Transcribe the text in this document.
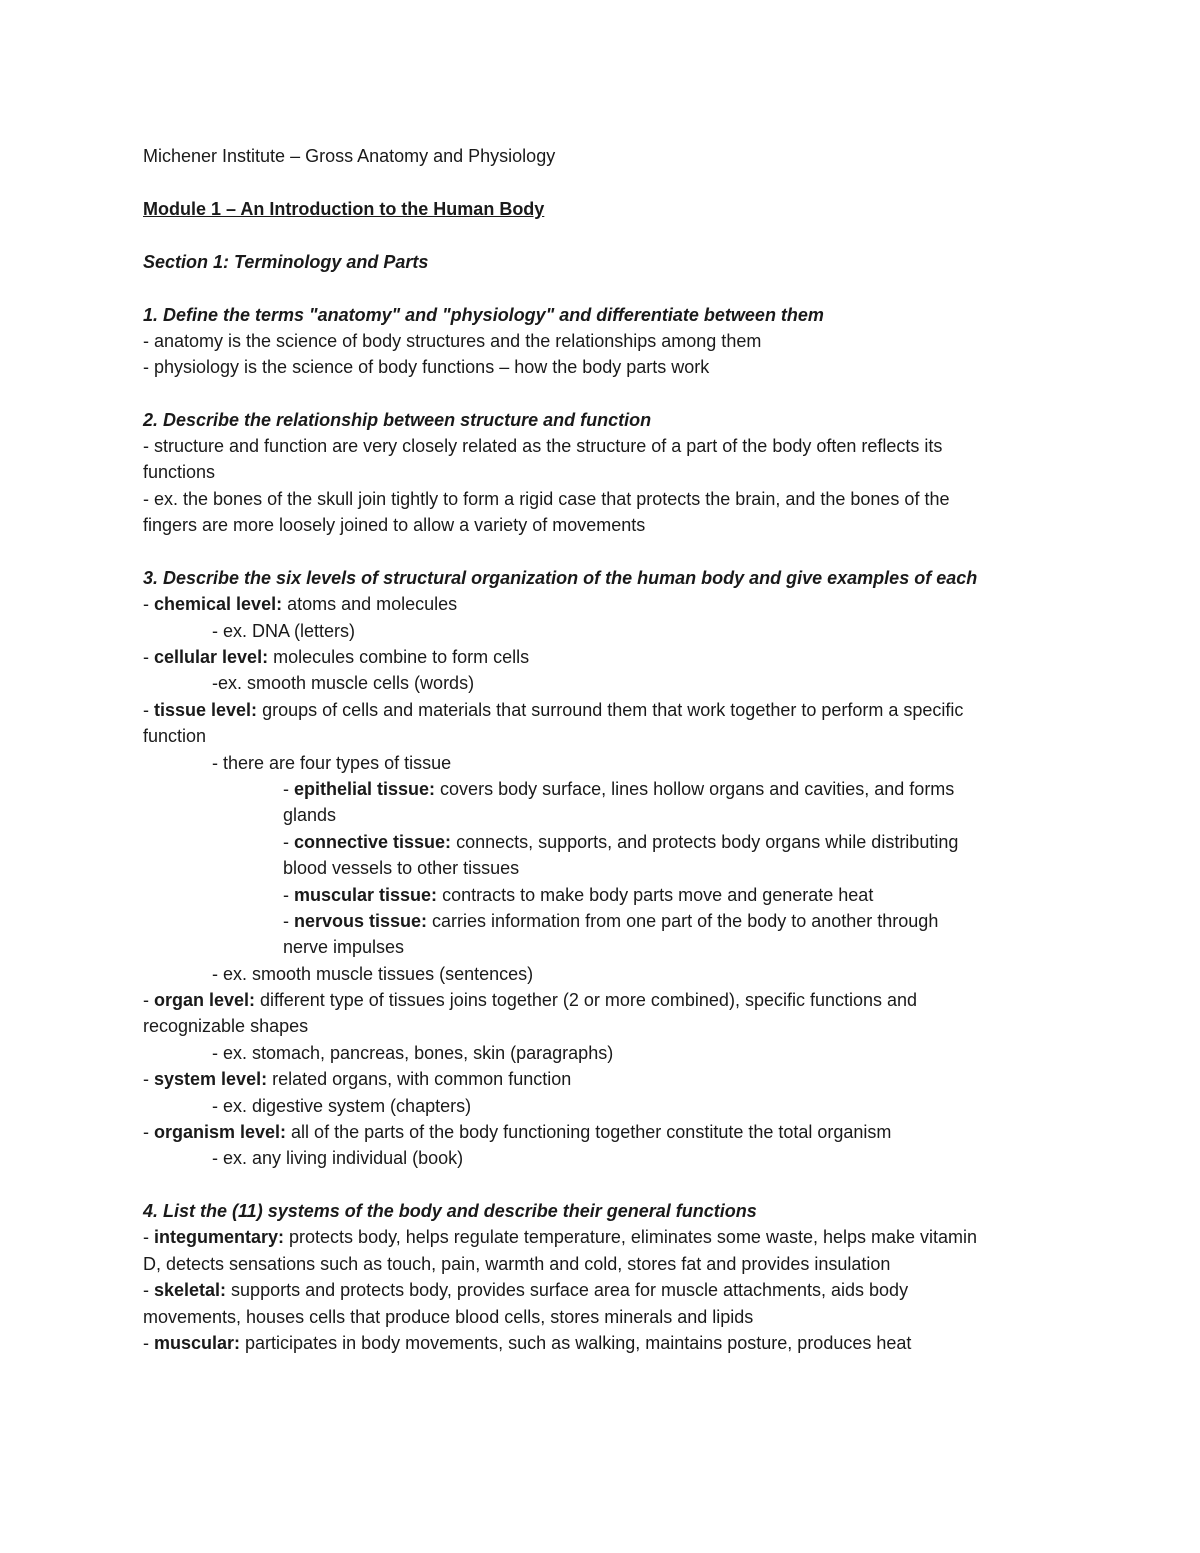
Michener Institute – Gross Anatomy and Physiology
Module 1 – An Introduction to the Human Body
Section 1: Terminology and Parts
1. Define the terms "anatomy" and "physiology" and differentiate between them
- anatomy is the science of body structures and the relationships among them
- physiology is the science of body functions – how the body parts work
2. Describe the relationship between structure and function
- structure and function are very closely related as the structure of a part of the body often reflects its
functions
- ex. the bones of the skull join tightly to form a rigid case that protects the brain, and the bones of the
fingers are more loosely joined to allow a variety of movements
3. Describe the six levels of structural organization of the human body and give examples of each
- chemical level: atoms and molecules
- ex. DNA (letters)
- cellular level: molecules combine to form cells
-ex. smooth muscle cells (words)
- tissue level: groups of cells and materials that surround them that work together to perform a specific
function
- there are four types of tissue
- epithelial tissue: covers body surface, lines hollow organs and cavities, and forms
glands
- connective tissue: connects, supports, and protects body organs while distributing
blood vessels to other tissues
- muscular tissue: contracts to make body parts move and generate heat
- nervous tissue: carries information from one part of the body to another through
nerve impulses
- ex. smooth muscle tissues (sentences)
- organ level: different type of tissues joins together (2 or more combined), specific functions and
recognizable shapes
- ex. stomach, pancreas, bones, skin (paragraphs)
- system level: related organs, with common function
- ex. digestive system (chapters)
- organism level: all of the parts of the body functioning together constitute the total organism
- ex. any living individual (book)
4. List the (11) systems of the body and describe their general functions
- integumentary: protects body, helps regulate temperature, eliminates some waste, helps make vitamin
D, detects sensations such as touch, pain, warmth and cold, stores fat and provides insulation
- skeletal: supports and protects body, provides surface area for muscle attachments, aids body
movements, houses cells that produce blood cells, stores minerals and lipids
- muscular: participates in body movements, such as walking, maintains posture, produces heat
